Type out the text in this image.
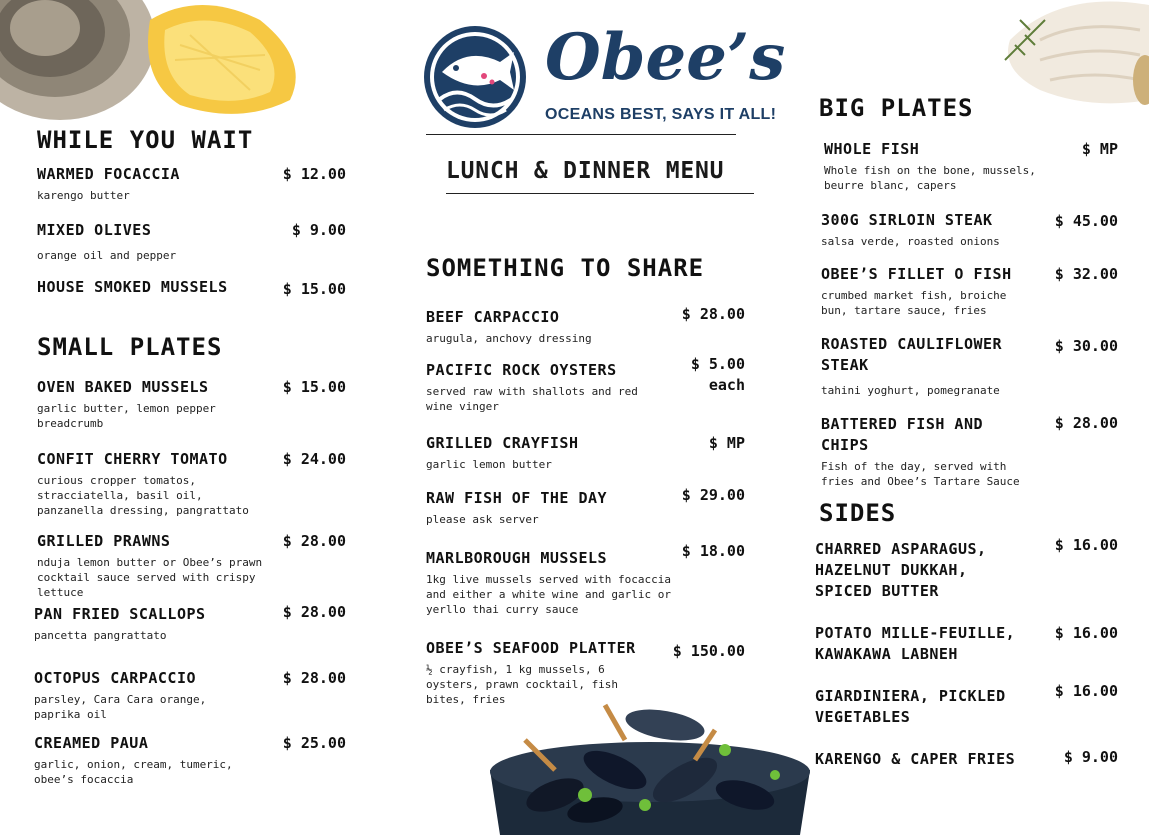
Obee’s
OCEANS BEST, SAYS IT ALL!
LUNCH & DINNER MENU
WHILE YOU WAIT
WARMED FOCACCIA
karengo butter
$ 12.00
MIXED OLIVES
orange oil and pepper
$ 9.00
HOUSE SMOKED MUSSELS	$ 15.00
SMALL PLATES
OVEN BAKED MUSSELS
garlic butter, lemon pepper breadcrumb
$ 15.00
CONFIT CHERRY TOMATO
curious cropper tomatos, stracciatella, basil oil, panzanella dressing, pangrattato
$ 24.00
GRILLED PRAWNS
nduja lemon butter or Obee’s prawn cocktail sauce served with crispy lettuce
$ 28.00
PAN FRIED SCALLOPS
pancetta pangrattato
$ 28.00
OCTOPUS CARPACCIO
parsley, Cara Cara orange, paprika oil
$ 28.00
CREAMED PAUA
garlic, onion, cream, tumeric, obee’s focaccia
$ 25.00
SOMETHING TO SHARE
BEEF CARPACCIO
arugula, anchovy dressing
$ 28.00
PACIFIC ROCK OYSTERS
served raw with shallots and red wine vinger
$ 5.00
each
GRILLED CRAYFISH
garlic lemon butter
$ MP
RAW FISH OF THE DAY
please ask server
$ 29.00
MARLBOROUGH MUSSELS
1kg live mussels served with focaccia and either a white wine and garlic or yerllo thai curry sauce
$ 18.00
OBEE’S SEAFOOD PLATTER
½ crayfish, 1 kg mussels, 6 oysters, prawn cocktail, fish bites, fries
$ 150.00
BIG PLATES
WHOLE FISH
Whole fish on the bone, mussels, beurre blanc, capers
$ MP
300G SIRLOIN STEAK
salsa verde, roasted onions
$ 45.00
OBEE’S FILLET O FISH
crumbed market fish, broiche bun, tartare sauce, fries
$ 32.00
ROASTED CAULIFLOWER STEAK
tahini yoghurt, pomegranate
$ 30.00
BATTERED FISH AND CHIPS
Fish of the day, served with fries and Obee’s Tartare Sauce
$ 28.00
SIDES
CHARRED ASPARAGUS, HAZELNUT DUKKAH, SPICED BUTTER
$ 16.00
POTATO MILLE-FEUILLE, KAWAKAWA LABNEH
$ 16.00
GIARDINIERA, PICKLED VEGETABLES
$ 16.00
KARENGO & CAPER FRIES	$ 9.00
